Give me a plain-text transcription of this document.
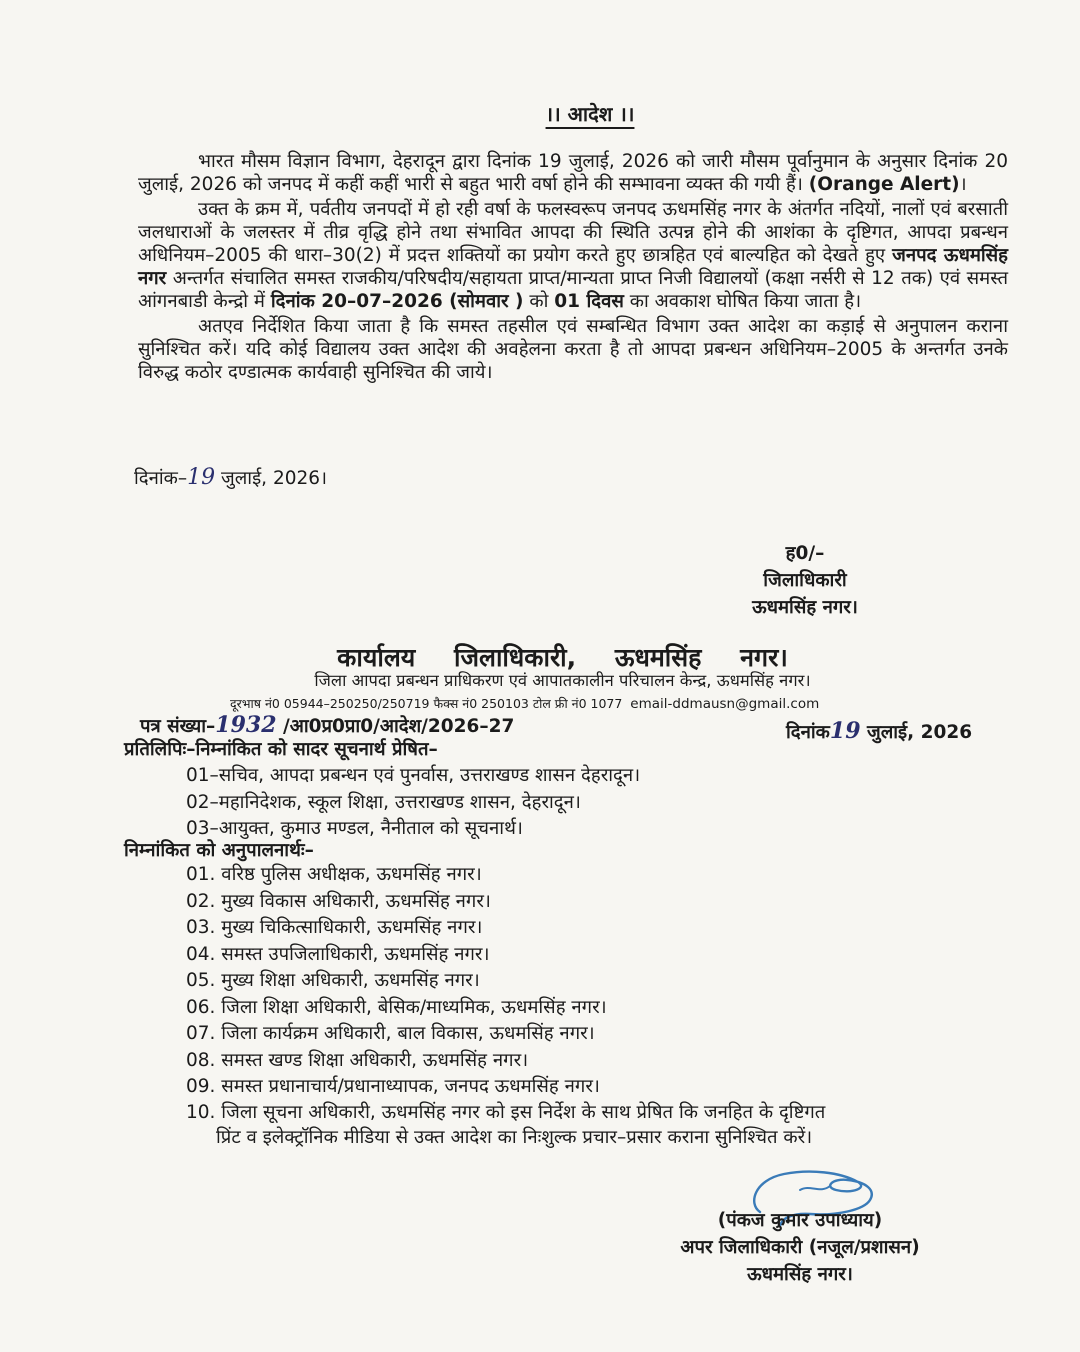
।। आदेश ।।

भारत मौसम विज्ञान विभाग, देहरादून द्वारा दिनांक 19 जुलाई, 2026 को जारी मौसम पूर्वानुमान के अनुसार दिनांक 20 जुलाई, 2026 को जनपद में कहीं कहीं भारी से बहुत भारी वर्षा होने की सम्भावना व्यक्त की गयी हैं। (Orange Alert)।

उक्त के क्रम में, पर्वतीय जनपदों में हो रही वर्षा के फलस्वरूप जनपद ऊधमसिंह नगर के अंतर्गत नदियों, नालों एवं बरसाती जलधाराओं के जलस्तर में तीव्र वृद्धि होने तथा संभावित आपदा की स्थिति उत्पन्न होने की आशंका के दृष्टिगत, आपदा प्रबन्धन अधिनियम–2005 की धारा–30(2) में प्रदत्त शक्तियों का प्रयोग करते हुए छात्रहित एवं बाल्यहित को देखते हुए जनपद ऊधमसिंह नगर अन्तर्गत संचालित समस्त राजकीय/परिषदीय/सहायता प्राप्त/मान्यता प्राप्त निजी विद्यालयों (कक्षा नर्सरी से 12 तक) एवं समस्त आंगनबाडी केन्द्रो में दिनांक 20–07–2026 (सोमवार ) को 01 दिवस का अवकाश घोषित किया जाता है।

अतएव निर्देशित किया जाता है कि समस्त तहसील एवं सम्बन्धित विभाग उक्त आदेश का कड़ाई से अनुपालन कराना सुनिश्चित करें। यदि कोई विद्यालय उक्त आदेश की अवहेलना करता है तो आपदा प्रबन्धन अधिनियम–2005 के अन्तर्गत उनके विरुद्ध कठोर दण्डात्मक कार्यवाही सुनिश्चित की जाये।

दिनांक–19 जुलाई, 2026।
ह0/–
जिलाधिकारी
ऊधमसिंह नगर।
कार्यालय जिलाधिकारी, ऊधमसिंह नगर।
जिला आपदा प्रबन्धन प्राधिकरण एवं आपातकालीन परिचालन केन्द्र, ऊधमसिंह नगर।
दूरभाष नं0 05944–250250/250719 फैक्स नं0 250103 टोल फ्री नं0 1077 email-ddmausn@gmail.com
पत्र संख्या–1932 /आ0प्र0प्रा0/आदेश/2026–27	दिनांक19 जुलाई, 2026
प्रतिलिपिः–निम्नांकित को सादर सूचनार्थ प्रेषित–
01–सचिव, आपदा प्रबन्धन एवं पुनर्वास, उत्तराखण्ड शासन देहरादून।
02–महानिदेशक, स्कूल शिक्षा, उत्तराखण्ड शासन, देहरादून।
03–आयुक्त, कुमाउ मण्डल, नैनीताल को सूचनार्थ।
निम्नांकित को अनुपालनार्थः–
01. वरिष्ठ पुलिस अधीक्षक, ऊधमसिंह नगर।
02. मुख्य विकास अधिकारी, ऊधमसिंह नगर।
03. मुख्य चिकित्साधिकारी, ऊधमसिंह नगर।
04. समस्त उपजिलाधिकारी, ऊधमसिंह नगर।
05. मुख्य शिक्षा अधिकारी, ऊधमसिंह नगर।
06. जिला शिक्षा अधिकारी, बेसिक/माध्यमिक, ऊधमसिंह नगर।
07. जिला कार्यक्रम अधिकारी, बाल विकास, ऊधमसिंह नगर।
08. समस्त खण्ड शिक्षा अधिकारी, ऊधमसिंह नगर।
09. समस्त प्रधानाचार्य/प्रधानाध्यापक, जनपद ऊधमसिंह नगर।
10. जिला सूचना अधिकारी, ऊधमसिंह नगर को इस निर्देश के साथ प्रेषित कि जनहित के दृष्टिगत
प्रिंट व इलेक्ट्रॉनिक मीडिया से उक्त आदेश का निःशुल्क प्रचार–प्रसार कराना सुनिश्चित करें।
(पंकज कुमार उपाध्याय)
अपर जिलाधिकारी (नजूल/प्रशासन)
ऊधमसिंह नगर।
